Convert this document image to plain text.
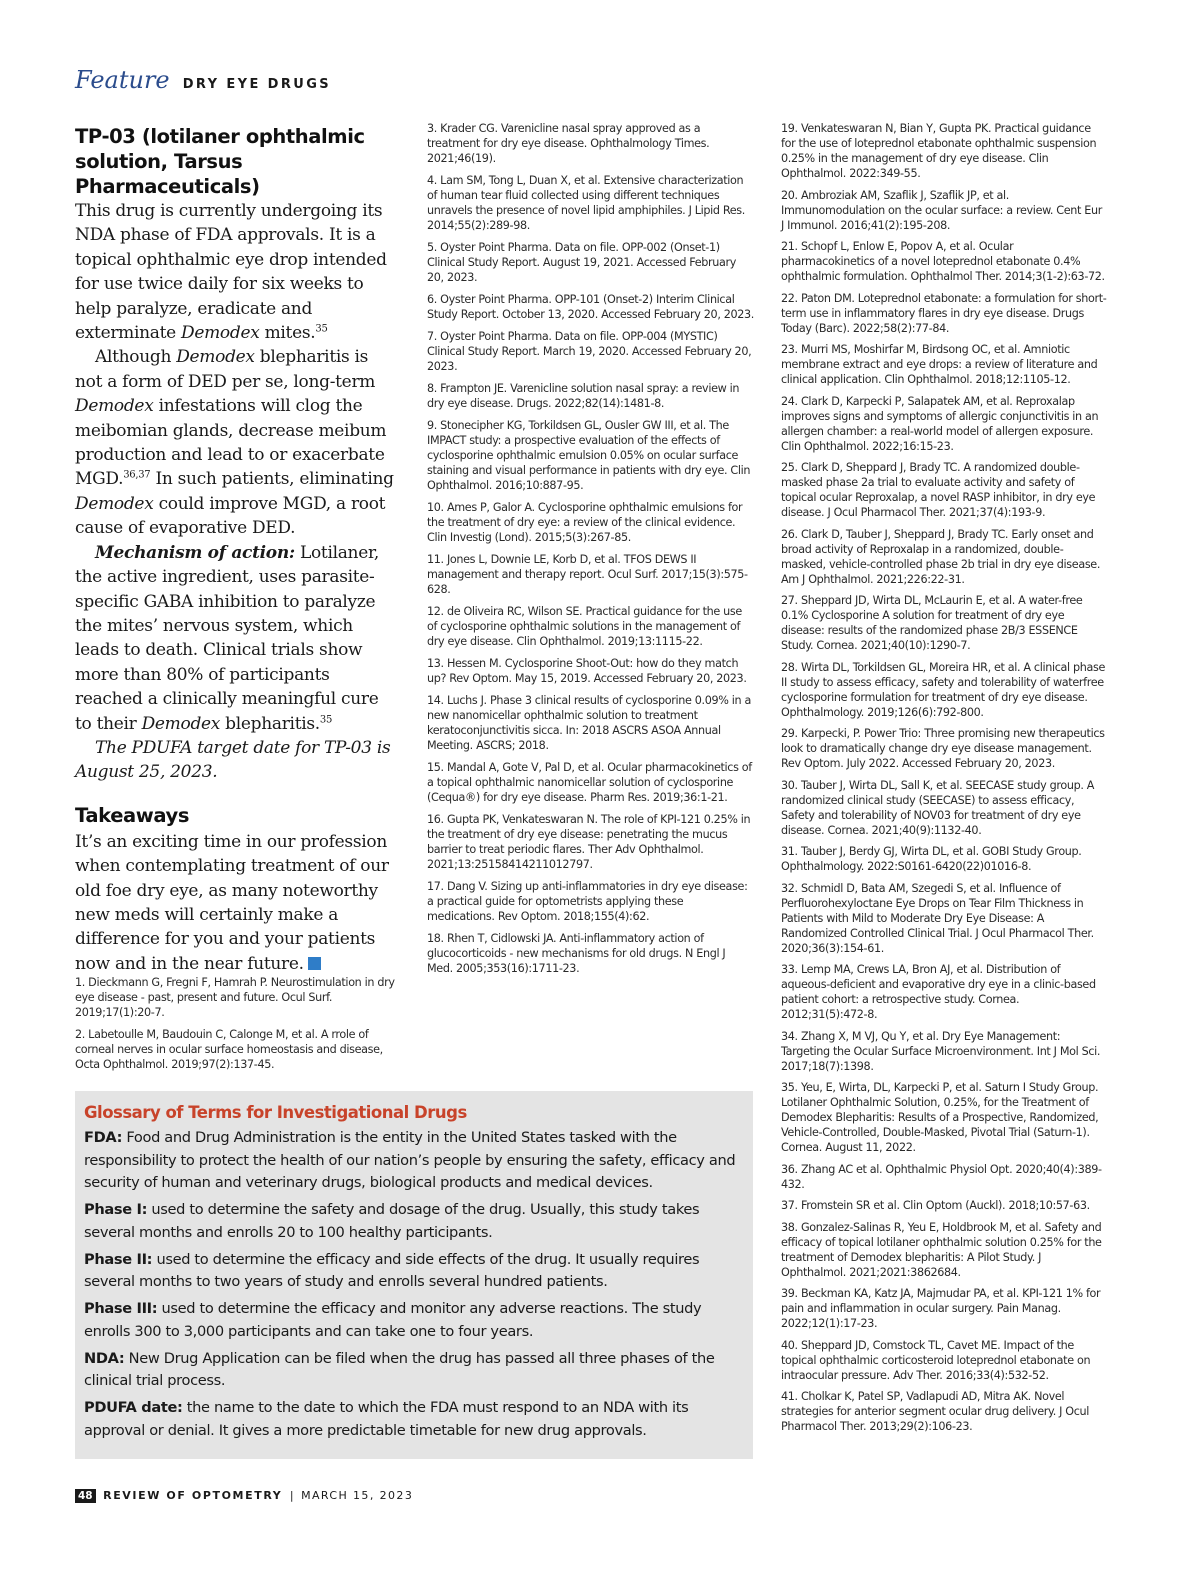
Feature DRY EYE DRUGS
TP-03 (lotilaner ophthalmic solution, Tarsus Pharmaceuticals)

This drug is currently undergoing its NDA phase of FDA approvals. It is a topical ophthalmic eye drop intended for use twice daily for six weeks to help paralyze, eradicate and exterminate Demodex mites.$^{35}$

Although Demodex blepharitis is not a form of DED per se, long-term Demodex infestations will clog the meibomian glands, decrease meibum production and lead to or exacerbate MGD.$^{36,37}$ In such patients, eliminating Demodex could improve MGD, a root cause of evaporative DED.

Mechanism of action: Lotilaner, the active ingredient, uses parasite-specific GABA inhibition to paralyze the mites’ nervous system, which leads to death. Clinical trials show more than 80% of participants reached a clinically meaningful cure to their Demodex blepharitis.$^{35}$

The PDUFA target date for TP-03 is August 25, 2023.

Takeaways

It’s an exciting time in our profession when contemplating treatment of our old foe dry eye, as many noteworthy new meds will certainly make a difference for you and your patients now and in the near future.

1. Dieckmann G, Fregni F, Hamrah P. Neurostimulation in dry eye disease - past, present and future. Ocul Surf. 2019;17(1):20-7.
2. Labetoulle M, Baudouin C, Calonge M, et al. A rrole of corneal nerves in ocular surface homeostasis and disease, Octa Ophthalmol. 2019;97(2):137-45.
3. Krader CG. Varenicline nasal spray approved as a treatment for dry eye disease. Ophthalmology Times. 2021;46(19).
4. Lam SM, Tong L, Duan X, et al. Extensive characterization of human tear fluid collected using different techniques unravels the presence of novel lipid amphiphiles. J Lipid Res. 2014;55(2):289-98.
5. Oyster Point Pharma. Data on file. OPP-002 (Onset-1) Clinical Study Report. August 19, 2021. Accessed February 20, 2023.
6. Oyster Point Pharma. OPP-101 (Onset-2) Interim Clinical Study Report. October 13, 2020. Accessed February 20, 2023.
7. Oyster Point Pharma. Data on file. OPP-004 (MYSTIC) Clinical Study Report. March 19, 2020. Accessed February 20, 2023.
8. Frampton JE. Varenicline solution nasal spray: a review in dry eye disease. Drugs. 2022;82(14):1481-8.
9. Stonecipher KG, Torkildsen GL, Ousler GW III, et al. The IMPACT study: a prospective evaluation of the effects of cyclosporine ophthalmic emulsion 0.05% on ocular surface staining and visual performance in patients with dry eye. Clin Ophthalmol. 2016;10:887-95.
10. Ames P, Galor A. Cyclosporine ophthalmic emulsions for the treatment of dry eye: a review of the clinical evidence. Clin Investig (Lond). 2015;5(3):267-85.
11. Jones L, Downie LE, Korb D, et al. TFOS DEWS II management and therapy report. Ocul Surf. 2017;15(3):575-628.
12. de Oliveira RC, Wilson SE. Practical guidance for the use of cyclosporine ophthalmic solutions in the management of dry eye disease. Clin Ophthalmol. 2019;13:1115-22.
13. Hessen M. Cyclosporine Shoot-Out: how do they match up? Rev Optom. May 15, 2019. Accessed February 20, 2023.
14. Luchs J. Phase 3 clinical results of cyclosporine 0.09% in a new nanomicellar ophthalmic solution to treatment keratoconjunctivitis sicca. In: 2018 ASCRS ASOA Annual Meeting. ASCRS; 2018.
15. Mandal A, Gote V, Pal D, et al. Ocular pharmacokinetics of a topical ophthalmic nanomicellar solution of cyclosporine (Cequa®) for dry eye disease. Pharm Res. 2019;36:1-21.
16. Gupta PK, Venkateswaran N. The role of KPI-121 0.25% in the treatment of dry eye disease: penetrating the mucus barrier to treat periodic flares. Ther Adv Ophthalmol. 2021;13:25158414211012797.
17. Dang V. Sizing up anti-inflammatories in dry eye disease: a practical guide for optometrists applying these medications. Rev Optom. 2018;155(4):62.
18. Rhen T, Cidlowski JA. Anti-inflammatory action of glucocorticoids - new mechanisms for old drugs. N Engl J Med. 2005;353(16):1711-23.
19. Venkateswaran N, Bian Y, Gupta PK. Practical guidance for the use of loteprednol etabonate ophthalmic suspension 0.25% in the management of dry eye disease. Clin Ophthalmol. 2022:349-55.
20. Ambroziak AM, Szaflik J, Szaflik JP, et al. Immunomodulation on the ocular surface: a review. Cent Eur J Immunol. 2016;41(2):195-208.
21. Schopf L, Enlow E, Popov A, et al. Ocular pharmacokinetics of a novel loteprednol etabonate 0.4% ophthalmic formulation. Ophthalmol Ther. 2014;3(1-2):63-72.
22. Paton DM. Loteprednol etabonate: a formulation for short-term use in inflammatory flares in dry eye disease. Drugs Today (Barc). 2022;58(2):77-84.
23. Murri MS, Moshirfar M, Birdsong OC, et al. Amniotic membrane extract and eye drops: a review of literature and clinical application. Clin Ophthalmol. 2018;12:1105-12.
24. Clark D, Karpecki P, Salapatek AM, et al. Reproxalap improves signs and symptoms of allergic conjunctivitis in an allergen chamber: a real-world model of allergen exposure. Clin Ophthalmol. 2022;16:15-23.
25. Clark D, Sheppard J, Brady TC. A randomized double-masked phase 2a trial to evaluate activity and safety of topical ocular Reproxalap, a novel RASP inhibitor, in dry eye disease. J Ocul Pharmacol Ther. 2021;37(4):193-9.
26. Clark D, Tauber J, Sheppard J, Brady TC. Early onset and broad activity of Reproxalap in a randomized, double-masked, vehicle-controlled phase 2b trial in dry eye disease. Am J Ophthalmol. 2021;226:22-31.
27. Sheppard JD, Wirta DL, McLaurin E, et al. A water-free 0.1% Cyclosporine A solution for treatment of dry eye disease: results of the randomized phase 2B/3 ESSENCE Study. Cornea. 2021;40(10):1290-7.
28. Wirta DL, Torkildsen GL, Moreira HR, et al. A clinical phase II study to assess efficacy, safety and tolerability of waterfree cyclosporine formulation for treatment of dry eye disease. Ophthalmology. 2019;126(6):792-800.
29. Karpecki, P. Power Trio: Three promising new therapeutics look to dramatically change dry eye disease management. Rev Optom. July 2022. Accessed February 20, 2023.
30. Tauber J, Wirta DL, Sall K, et al. SEECASE study group. A randomized clinical study (SEECASE) to assess efficacy, Safety and tolerability of NOV03 for treatment of dry eye disease. Cornea. 2021;40(9):1132-40.
31. Tauber J, Berdy GJ, Wirta DL, et al. GOBI Study Group. Ophthalmology. 2022:S0161-6420(22)01016-8.
32. Schmidl D, Bata AM, Szegedi S, et al. Influence of Perfluorohexyloctane Eye Drops on Tear Film Thickness in Patients with Mild to Moderate Dry Eye Disease: A Randomized Controlled Clinical Trial. J Ocul Pharmacol Ther. 2020;36(3):154-61.
33. Lemp MA, Crews LA, Bron AJ, et al. Distribution of aqueous-deficient and evaporative dry eye in a clinic-based patient cohort: a retrospective study. Cornea. 2012;31(5):472-8.
34. Zhang X, M VJ, Qu Y, et al. Dry Eye Management: Targeting the Ocular Surface Microenvironment. Int J Mol Sci. 2017;18(7):1398.
35. Yeu, E, Wirta, DL, Karpecki P, et al. Saturn I Study Group. Lotilaner Ophthalmic Solution, 0.25%, for the Treatment of Demodex Blepharitis: Results of a Prospective, Randomized, Vehicle-Controlled, Double-Masked, Pivotal Trial (Saturn-1). Cornea. August 11, 2022.
36. Zhang AC et al. Ophthalmic Physiol Opt. 2020;40(4):389-432.
37. Fromstein SR et al. Clin Optom (Auckl). 2018;10:57-63.
38. Gonzalez-Salinas R, Yeu E, Holdbrook M, et al. Safety and efficacy of topical lotilaner ophthalmic solution 0.25% for the treatment of Demodex blepharitis: A Pilot Study. J Ophthalmol. 2021;2021:3862684.
39. Beckman KA, Katz JA, Majmudar PA, et al. KPI-121 1% for pain and inflammation in ocular surgery. Pain Manag. 2022;12(1):17-23.
40. Sheppard JD, Comstock TL, Cavet ME. Impact of the topical ophthalmic corticosteroid loteprednol etabonate on intraocular pressure. Adv Ther. 2016;33(4):532-52.
41. Cholkar K, Patel SP, Vadlapudi AD, Mitra AK. Novel strategies for anterior segment ocular drug delivery. J Ocul Pharmacol Ther. 2013;29(2):106-23.
Glossary of Terms for Investigational Drugs
FDA: Food and Drug Administration is the entity in the United States tasked with the responsibility to protect the health of our nation’s people by ensuring the safety, efficacy and security of human and veterinary drugs, biological products and medical devices.
Phase I: used to determine the safety and dosage of the drug. Usually, this study takes several months and enrolls 20 to 100 healthy participants.
Phase II: used to determine the efficacy and side effects of the drug. It usually requires several months to two years of study and enrolls several hundred patients.
Phase III: used to determine the efficacy and monitor any adverse reactions. The study enrolls 300 to 3,000 participants and can take one to four years.
NDA: New Drug Application can be filed when the drug has passed all three phases of the clinical trial process.
PDUFA date: the name to the date to which the FDA must respond to an NDA with its approval or denial. It gives a more predictable timetable for new drug approvals.
48 REVIEW OF OPTOMETRY | MARCH 15, 2023
